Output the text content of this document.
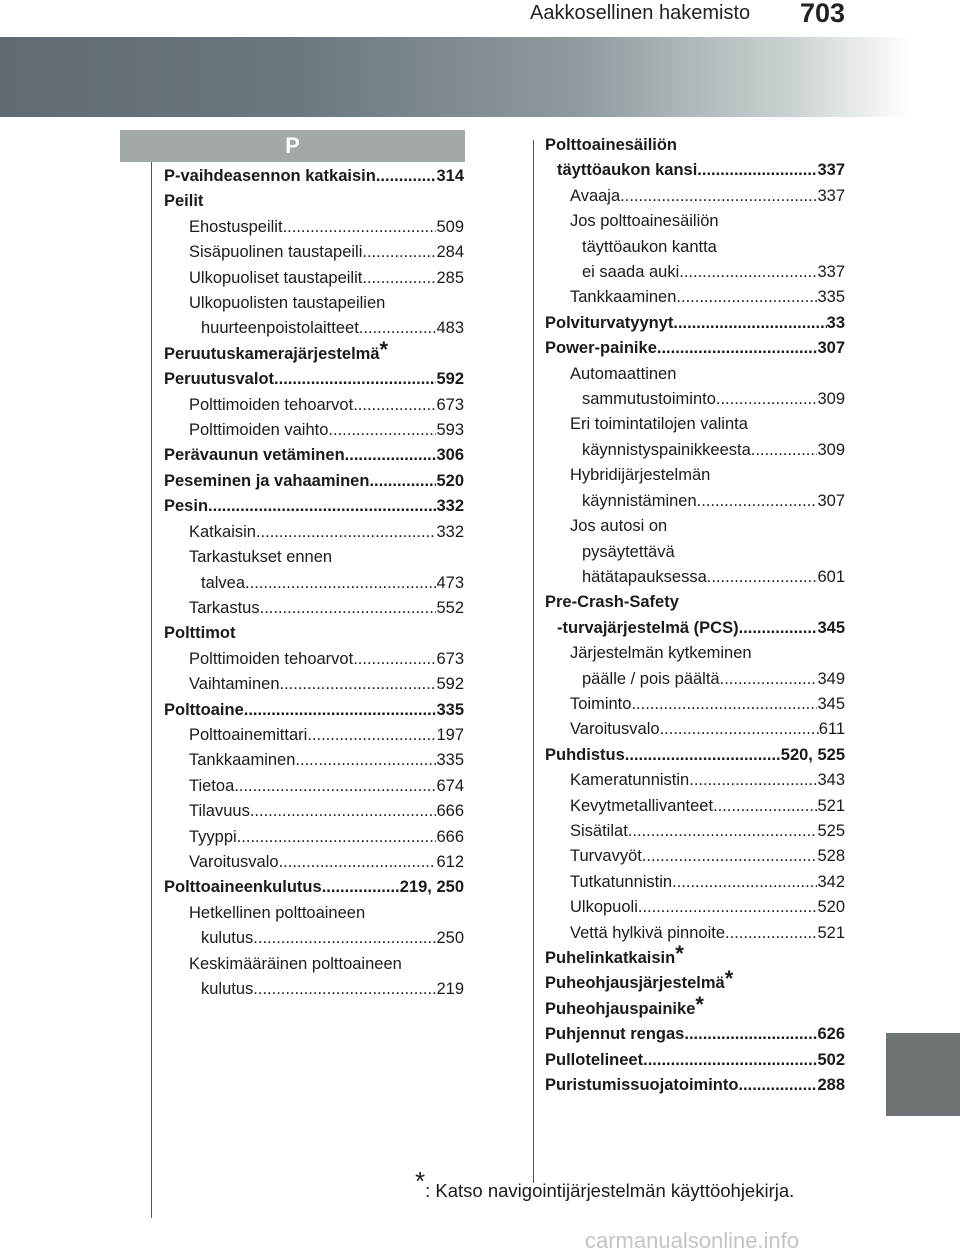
Aakkosellinen hakemisto 703
P
P-vaihdeasennon katkaisin .....	314
Peilit
Ehostuspeilit .....	509
Sisäpuolinen taustapeili .....	284
Ulkopuoliset taustapeilit .....	285
Ulkopuolisten taustapeilien
huurteenpoistolaitteet .....	483
Peruutuskamerajärjestelmä*
Peruutusvalot .....	592
Polttimoiden tehoarvot .....	673
Polttimoiden vaihto .....	593
Perävaunun vetäminen .....	306
Peseminen ja vahaaminen .....	520
Pesin .....	332
Katkaisin .....	332
Tarkastukset ennen
talvea .....	473
Tarkastus .....	552
Polttimot
Polttimoiden tehoarvot .....	673
Vaihtaminen .....	592
Polttoaine .....	335
Polttoainemittari .....	197
Tankkaaminen .....	335
Tietoa .....	674
Tilavuus .....	666
Tyyppi .....	666
Varoitusvalo .....	612
Polttoaineenkulutus .....	219, 250
Hetkellinen polttoaineen
kulutus .....	250
Keskimääräinen polttoaineen
kulutus .....	219
Polttoainesäiliön
täyttöaukon kansi .....	337
Avaaja .....	337
Jos polttoainesäiliön
täyttöaukon kantta
ei saada auki .....	337
Tankkaaminen .....	335
Polviturvatyynyt .....	33
Power-painike .....	307
Automaattinen
sammutustoiminto .....	309
Eri toimintatilojen valinta
käynnistyspainikkeesta .....	309
Hybridijärjestelmän
käynnistäminen .....	307
Jos autosi on
pysäytettävä
hätätapauksessa .....	601
Pre-Crash-Safety
-turvajärjestelmä (PCS) .....	345
Järjestelmän kytkeminen
päälle / pois päältä .....	349
Toiminto .....	345
Varoitusvalo .....	611
Puhdistus .....	520, 525
Kameratunnistin .....	343
Kevytmetallivanteet .....	521
Sisätilat .....	525
Turvavyöt .....	528
Tutkatunnistin .....	342
Ulkopuoli .....	520
Vettä hylkivä pinnoite .....	521
Puhelinkatkaisin*
Puheohjausjärjestelmä*
Puheohjauspainike*
Puhjennut rengas .....	626
Pullotelineet .....	502
Puristumissuojatoiminto .....	288
*: Katso navigointijärjestelmän käyttöohjekirja.
carmanualsonline.info
